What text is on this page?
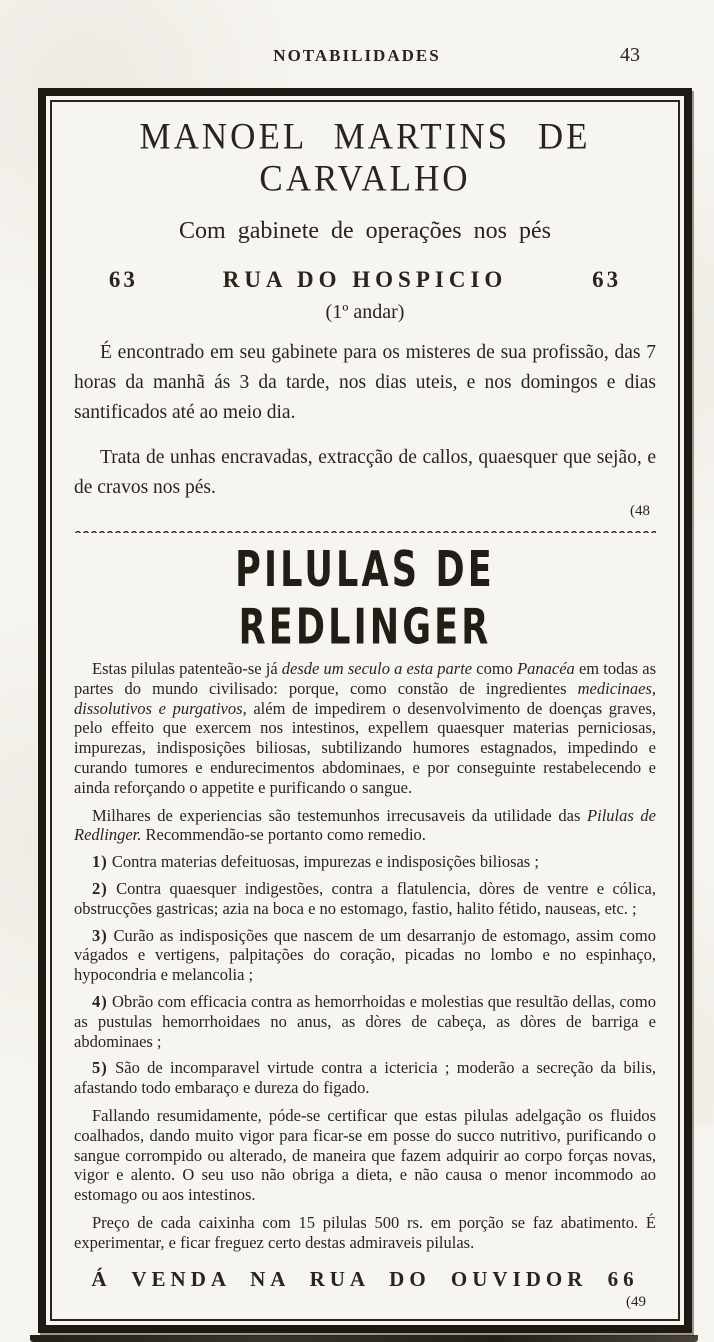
NOTABILIDADES	43
MANOEL MARTINS DE CARVALHO
Com gabinete de operações nos pés
63	RUA DO HOSPICIO	63
(1º andar)

É encontrado em seu gabinete para os misteres de sua profissão, das 7 horas da manhã ás 3 da tarde, nos dias uteis, e nos domingos e dias santificados até ao meio dia.

Trata de unhas encravadas, extracção de callos, quaesquer que sejão, e de cravos nos pés.

(48
PILULAS DE REDLINGER

Estas pilulas patenteão-se já desde um seculo a esta parte como Panacéa em todas as partes do mundo civilisado: porque, como constão de ingredientes medicinaes, dissolutivos e purgativos, além de impedirem o desenvolvimento de doenças graves, pelo effeito que exercem nos intestinos, expellem quaesquer materias perniciosas, impurezas, indisposições biliosas, subtilizando humores estagnados, impedindo e curando tumores e endurecimentos abdominaes, e por conseguinte restabelecendo e ainda reforçando o appetite e purificando o sangue.

Milhares de experiencias são testemunhos irrecusaveis da utilidade das Pilulas de Redlinger. Recommendão-se portanto como remedio.

1) Contra materias defeituosas, impurezas e indisposições biliosas ;

2) Contra quaesquer indigestões, contra a flatulencia, dòres de ventre e cólica, obstrucções gastricas; azia na boca e no estomago, fastio, halito fétido, nauseas, etc. ;

3) Curão as indisposições que nascem de um desarranjo de estomago, assim como vágados e vertigens, palpitações do coração, picadas no lombo e no espinhaço, hypocondria e melancolia ;

4) Obrão com efficacia contra as hemorrhoidas e molestias que resultão dellas, como as pustulas hemorrhoidaes no anus, as dòres de cabeça, as dòres de barriga e abdominaes ;

5) São de incomparavel virtude contra a ictericia ; moderão a secreção da bilis, afastando todo embaraço e dureza do figado.

Fallando resumidamente, póde-se certificar que estas pilulas adelgação os fluidos coalhados, dando muito vigor para ficar-se em posse do succo nutritivo, purificando o sangue corrompido ou alterado, de maneira que fazem adquirir ao corpo forças novas, vigor e alento. O seu uso não obriga a dieta, e não causa o menor incommodo ao estomago ou aos intestinos.

Preço de cada caixinha com 15 pilulas 500 rs. em porção se faz abatimento. É experimentar, e ficar freguez certo destas admiraveis pilulas.

Á VENDA NA RUA DO OUVIDOR 66
(49
